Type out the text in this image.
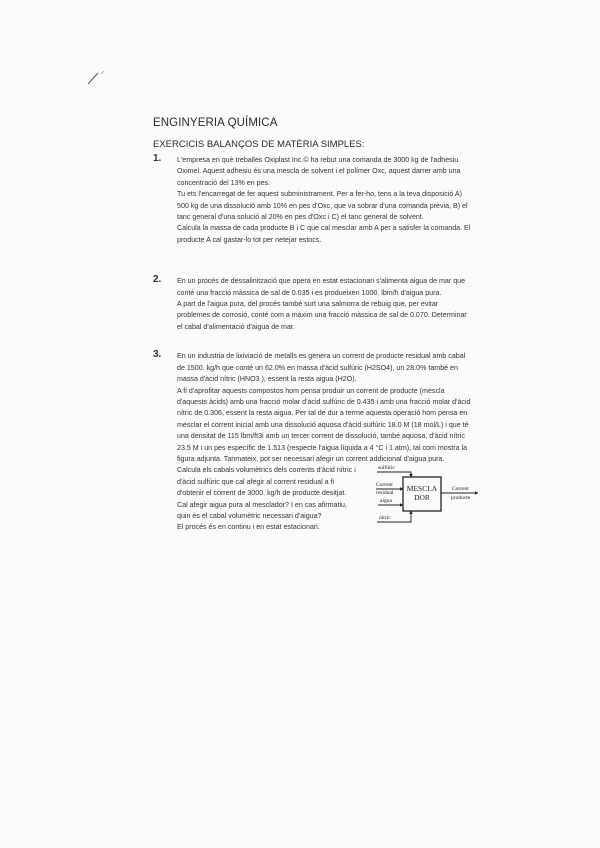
ENGINYERIA QUÍMICA
EXERCICIS BALANÇOS DE MATÈRIA SIMPLES:
1. L'empresa en què treballes Oxiplast Inc.© ha rebut una comanda de 3000 kg de l'adhesiu Oximel. Aquest adhesiu és una mescla de solvent i el polímer Oxc, aquest darrer amb una concentració del 13% en pes.

Tu ets l'encarregat de fer aquest subministrament. Per a fer-ho, tens a la teva disposició A) 500 kg de una dissolució amb 10% en pes d'Oxc, que va sobrar d'una comanda prèvia, B) el tanc general d'una solució al 20% en pes d'Oxc i C) el tanc general de solvent.

Calcula la massa de cada producte B i C que cal mesclar amb A per a satisfer la comanda. El producte A cal gastar-lo tot per netejar estocs.

2. En un procés de dessalinització que opera en estat estacionari s'alimenta aigua de mar que conté una fracció màssica de sal de 0.035 i es produeixen 1000. lbm/h d'aigua pura.

A part de l'aigua pura, del procés també surt una salmorra de rebuig que, per evitar problemes de corrosió, conté com a màxim una fracció màssica de sal de 0.070. Determinar el cabal d'alimentació d'aigua de mar.

3. En un industria de lixiviació de metalls es genera un corrent de producte residual amb cabal de 1500. kg/h que conté un 62.0% en massa d'àcid sulfúric (H2SO4), un 28.0% també en massa d'àcid nítric (HNO3 ), essent la resta aigua (H2O).

A fi d'aprofitar aquests compostos hom pensa produir un corrent de producte (mescla d'aquests àcids) amb una fracció molar d'àcid sulfúric de 0.435 i amb una fracció molar d'àcid nítric de 0.306, essent la resta aigua. Per tal de dur a terme aquesta operació hom pensa en mesclar el corrent inicial amb una dissolució aquosa d'àcid sulfúric 18.0 M (18 mol/L) i que té una densitat de 115 lbm/ft3i amb un tercer corrent de dissolució, també aquosa, d'àcid nítric 23.5 M i un pes específic de 1.513 (respecte l'aigua líquida a 4 °C i 1 atm), tal com mostra la figura adjunta. Tanmateix, pot ser necessari afegir un corrent addicional d'aigua pura.

Calcula els cabals volumètrics dels corrents d'àcid nítric i d'àcid sulfúric que cal afegir al corrent residual a fi d'obtenir el corrent de 3000. kg/h de producte desitjat. Cal afegir aigua pura al mesclador? I en cas afirmatiu, quin és el cabal volumètric necessari d'aigua?

El procés és en continu i en estat estacionari.

sulfúric
Corrent
residual
aigua
nítric
MESCLA
DOR
Corrent
producte
